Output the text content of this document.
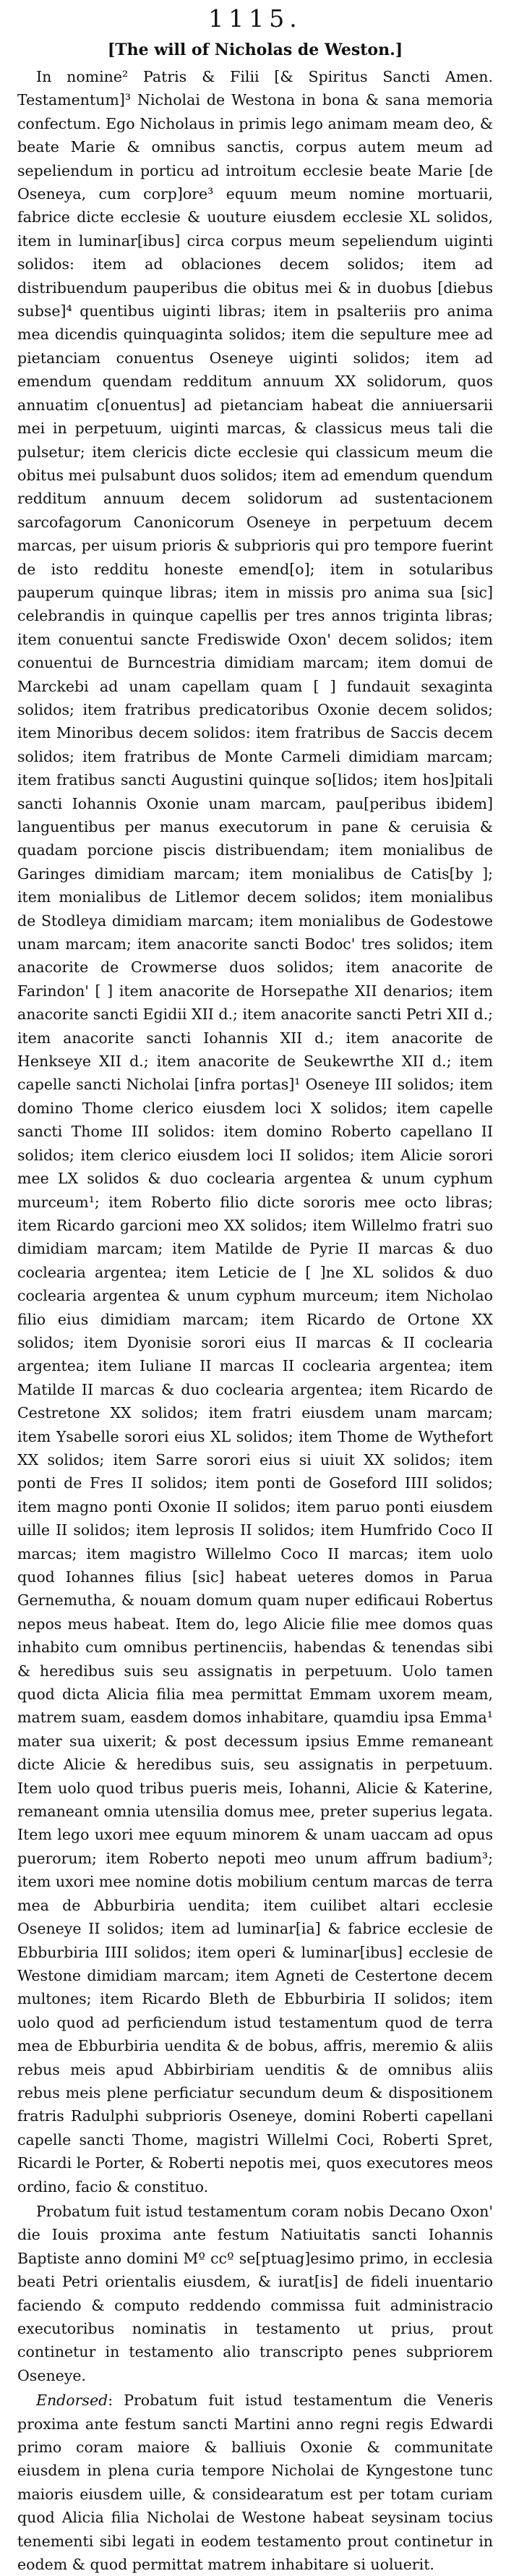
1115.
[The will of Nicholas de Weston.]

In nomine² Patris & Filii [& Spiritus Sancti Amen. Testamentum]³ Nicholai de Westona in bona & sana memoria confectum. Ego Nicholaus in primis lego animam meam deo, & beate Marie & omnibus sanctis, corpus autem meum ad sepeliendum in porticu ad introitum ecclesie beate Marie [de Oseneya, cum corp]ore³ equum meum nomine mortuarii, fabrice dicte ecclesie & uouture eiusdem ecclesie XL solidos, item in luminar[ibus] circa corpus meum sepeliendum uiginti solidos: item ad oblaciones decem solidos; item ad distribuendum pauperibus die obitus mei & in duobus [diebus subse]⁴ quentibus uiginti libras; item in psalteriis pro anima mea dicendis quinquaginta solidos; item die sepulture mee ad pietanciam conuentus Oseneye uiginti solidos; item ad emendum quendam redditum annuum XX solidorum, quos annuatim c[onuentus] ad pietanciam habeat die anniuersarii mei in perpetuum, uiginti marcas, & classicus meus tali die pulsetur; item clericis dicte ecclesie qui classicum meum die obitus mei pulsabunt duos solidos; item ad emendum quendum redditum annuum decem solidorum ad sustentacionem sarcofagorum Canonicorum Oseneye in perpetuum decem marcas, per uisum prioris & subprioris qui pro tempore fuerint de isto redditu honeste emend[o]; item in sotularibus pauperum quinque libras; item in missis pro anima sua [sic] celebrandis in quinque capellis per tres annos triginta libras; item conuentui sancte Frediswide Oxon' decem solidos; item conuentui de Burncestria dimidiam marcam; item domui de Marckebi ad unam capellam quam [ ] fundauit sexaginta solidos; item fratribus predicatoribus Oxonie decem solidos; item Minoribus decem solidos: item fratribus de Saccis decem solidos; item fratribus de Monte Carmeli dimidiam marcam; item fratibus sancti Augustini quinque so[lidos; item hos]pitali sancti Iohannis Oxonie unam marcam, pau[peribus ibidem] languentibus per manus executorum in pane & ceruisia & quadam porcione piscis distribuendam; item monialibus de Garinges dimidiam marcam; item monialibus de Catis[by ]; item monialibus de Litlemor decem solidos; item monialibus de Stodleya dimidiam marcam; item monialibus de Godestowe unam marcam; item anacorite sancti Bodoc' tres solidos; item anacorite de Crowmerse duos solidos; item anacorite de Farindon' [ ] item anacorite de Horsepathe XII denarios; item anacorite sancti Egidii XII d.; item anacorite sancti Petri XII d.; item anacorite sancti Iohannis XII d.; item anacorite de Henkseye XII d.; item anacorite de Seukewrthe XII d.; item capelle sancti Nicholai [infra portas]¹ Oseneye III solidos; item domino Thome clerico eiusdem loci X solidos; item capelle sancti Thome III solidos: item domino Roberto capellano II solidos; item clerico eiusdem loci II solidos; item Alicie sorori mee LX solidos & duo coclearia argentea & unum cyphum murceum¹; item Roberto filio dicte sororis mee octo libras; item Ricardo garcioni meo XX solidos; item Willelmo fratri suo dimidiam marcam; item Matilde de Pyrie II marcas & duo coclearia argentea; item Leticie de [ ]ne XL solidos & duo coclearia argentea & unum cyphum murceum; item Nicholao filio eius dimidiam marcam; item Ricardo de Ortone XX solidos; item Dyonisie sorori eius II marcas & II coclearia argentea; item Iuliane II marcas II coclearia argentea; item Matilde II marcas & duo coclearia argentea; item Ricardo de Cestretone XX solidos; item fratri eiusdem unam marcam; item Ysabelle sorori eius XL solidos; item Thome de Wythefort XX solidos; item Sarre sorori eius si uiuit XX solidos; item ponti de Fres II solidos; item ponti de Goseford IIII solidos; item magno ponti Oxonie II solidos; item paruo ponti eiusdem uille II solidos; item leprosis II solidos; item Humfrido Coco II marcas; item magistro Willelmo Coco II marcas; item uolo quod Iohannes filius [sic] habeat ueteres domos in Parua Gernemutha, & nouam domum quam nuper edificaui Robertus nepos meus habeat. Item do, lego Alicie filie mee domos quas inhabito cum omnibus pertinenciis, habendas & tenendas sibi & heredibus suis seu assignatis in perpetuum. Uolo tamen quod dicta Alicia filia mea permittat Emmam uxorem meam, matrem suam, easdem domos inhabitare, quamdiu ipsa Emma¹ mater sua uixerit; & post decessum ipsius Emme remaneant dicte Alicie & heredibus suis, seu assignatis in perpetuum. Item uolo quod tribus pueris meis, Iohanni, Alicie & Katerine, remaneant omnia utensilia domus mee, preter superius legata. Item lego uxori mee equum minorem & unam uaccam ad opus puerorum; item Roberto nepoti meo unum affrum badium³; item uxori mee nomine dotis mobilium centum marcas de terra mea de Abburbiria uendita; item cuilibet altari ecclesie Oseneye II solidos; item ad luminar[ia] & fabrice ecclesie de Ebburbiria IIII solidos; item operi & luminar[ibus] ecclesie de Westone dimidiam marcam; item Agneti de Cestertone decem multones; item Ricardo Bleth de Ebburbiria II solidos; item uolo quod ad perficiendum istud testamentum quod de terra mea de Ebburbiria uendita & de bobus, affris, meremio & aliis rebus meis apud Abbirbiriam uenditis & de omnibus aliis rebus meis plene perficiatur secundum deum & dispositionem fratris Radulphi subprioris Oseneye, domini Roberti capellani capelle sancti Thome, magistri Willelmi Coci, Roberti Spret, Ricardi le Porter, & Roberti nepotis mei, quos executores meos ordino, facio & constituo.

Probatum fuit istud testamentum coram nobis Decano Oxon' die Iouis proxima ante festum Natiuitatis sancti Iohannis Baptiste anno domini Mº ccº se[ptuag]esimo primo, in ecclesia beati Petri orientalis eiusdem, & iurat[is] de fideli inuentario faciendo & computo reddendo commissa fuit administracio executoribus nominatis in testamento ut prius, prout continetur in testamento alio transcripto penes subpriorem Oseneye.

Endorsed: Probatum fuit istud testamentum die Veneris proxima ante festum sancti Martini anno regni regis Edwardi primo coram maiore & balliuis Oxonie & communitate eiusdem in plena curia tempore Nicholai de Kyngestone tunc maioris eiusdem uille, & considearatum est per totam curiam quod Alicia filia Nicholai de Westone habeat seysinam tocius tenementi sibi legati in eodem testamento prout continetur in eodem & quod permittat matrem inhabitare si uoluerit.
